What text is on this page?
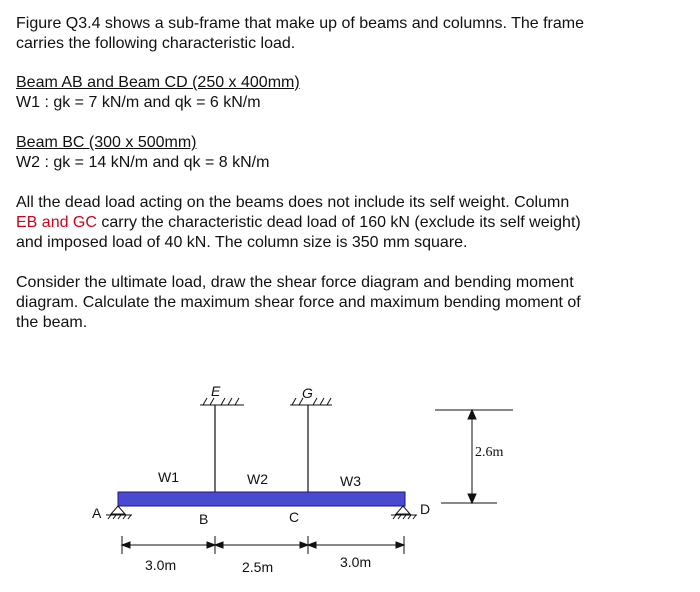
Figure Q3.4 shows a sub-frame that make up of beams and columns. The frame

carries the following characteristic load.

Beam AB and Beam CD (250 x 400mm)

W1 : gk = 7 kN/m and qk = 6 kN/m

Beam BC (300 x 500mm)

W2 : gk = 14 kN/m and qk = 8 kN/m

All the dead load acting on the beams does not include its self weight. Column

EB and GC carry the characteristic dead load of 160 kN (exclude its self weight)

and imposed load of 40 kN. The column size is 350 mm square.

Consider the ultimate load, draw the shear force diagram and bending moment

diagram. Calculate the maximum shear force and maximum bending moment of

the beam.

E	G
A	D
B	C
W1	W2	W3
3.0m	2.5m	3.0m
2.6m
